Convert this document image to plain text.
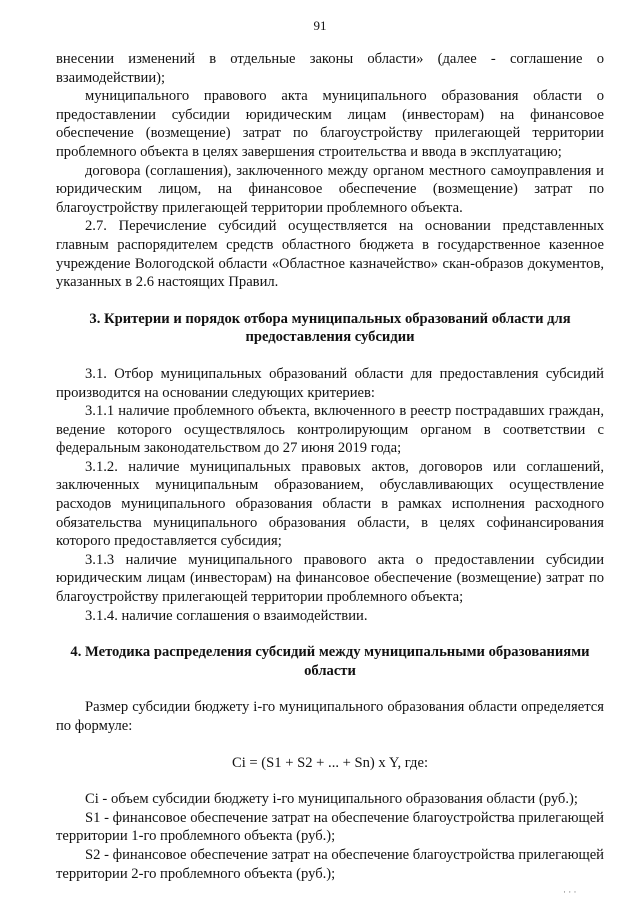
91

внесении изменений в отдельные законы области» (далее - соглашение о взаимодействии);

муниципального правового акта муниципального образования области о предоставлении субсидии юридическим лицам (инвесторам) на финансовое обеспечение (возмещение) затрат по благоустройству прилегающей территории проблемного объекта в целях завершения строительства и ввода в эксплуатацию;

договора (соглашения), заключенного между органом местного самоуправления и юридическим лицом, на финансовое обеспечение (возмещение) затрат по благоустройству прилегающей территории проблемного объекта.

2.7. Перечисление субсидий осуществляется на основании представленных главным распорядителем средств областного бюджета в государственное казенное учреждение Вологодской области «Областное казначейство» скан-образов документов, указанных в 2.6 настоящих Правил.

3. Критерии и порядок отбора муниципальных образований области для предоставления субсидии

3.1. Отбор муниципальных образований области для предоставления субсидий производится на основании следующих критериев:

3.1.1 наличие проблемного объекта, включенного в реестр пострадавших граждан, ведение которого осуществлялось контролирующим органом в соответствии с федеральным законодательством до 27 июня 2019 года;

3.1.2. наличие муниципальных правовых актов, договоров или соглашений, заключенных муниципальным образованием, обуславливающих осуществление расходов муниципального образования области в рамках исполнения расходного обязательства муниципального образования области, в целях софинансирования которого предоставляется субсидия;

3.1.3 наличие муниципального правового акта о предоставлении субсидии юридическим лицам (инвесторам) на финансовое обеспечение (возмещение) затрат по благоустройству прилегающей территории проблемного объекта;

3.1.4. наличие соглашения о взаимодействии.

4. Методика распределения субсидий между муниципальными образованиями области

Размер субсидии бюджету i-го муниципального образования области определяется по формуле:

Ci = (S1 + S2 + ... + Sn) x Y, где:

Ci - объем субсидии бюджету i-го муниципального образования области (руб.);

S1 - финансовое обеспечение затрат на обеспечение благоустройства прилегающей территории 1-го проблемного объекта (руб.);

S2 - финансовое обеспечение затрат на обеспечение благоустройства прилегающей территории 2-го проблемного объекта (руб.);

· · ·
